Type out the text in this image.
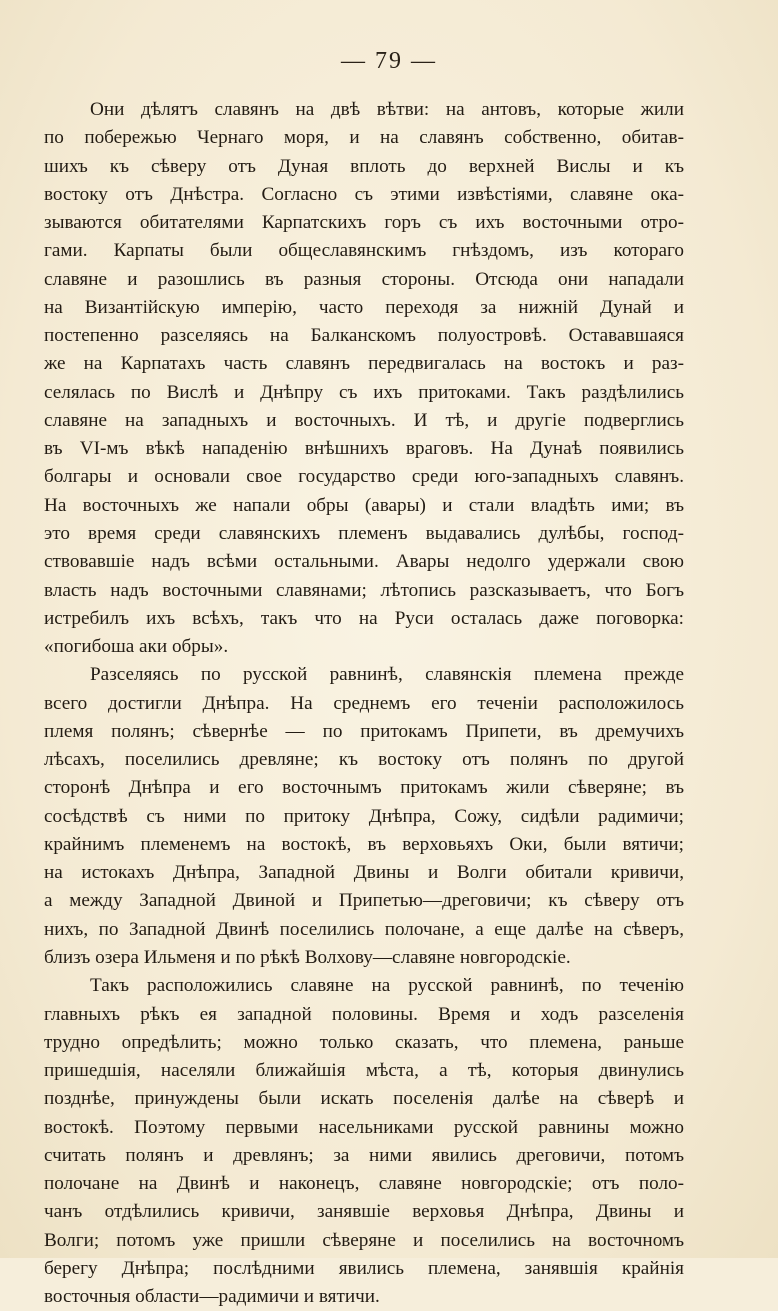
— 79 —
Они дѣлятъ славянъ на двѣ вѣтви: на антовъ, которые жили
по побережью Чернаго моря, и на славянъ собственно, обитав-
шихъ къ сѣверу отъ Дуная вплоть до верхней Вислы и къ
востоку отъ Днѣстра. Согласно съ этими извѣстіями, славяне ока-
зываются обитателями Карпатскихъ горъ съ ихъ восточными отро-
гами. Карпаты были общеславянскимъ гнѣздомъ, изъ котораго
славяне и разошлись въ разныя стороны. Отсюда они нападали
на Византійскую имперію, часто переходя за нижній Дунай и
постепенно разселяясь на Балканскомъ полуостровѣ. Остававшаяся
же на Карпатахъ часть славянъ передвигалась на востокъ и раз-
селялась по Вислѣ и Днѣпру съ ихъ притоками. Такъ раздѣлились
славяне на западныхъ и восточныхъ. И тѣ, и другіе подверглись
въ VI-мъ вѣкѣ нападенію внѣшнихъ враговъ. На Дунаѣ появились
болгары и основали свое государство среди юго-западныхъ славянъ.
На восточныхъ же напали обры (авары) и стали владѣть ими; въ
это время среди славянскихъ племенъ выдавались дулѣбы, господ-
ствовавшіе надъ всѣми остальными. Авары недолго удержали свою
власть надъ восточными славянами; лѣтопись разсказываетъ, что Богъ
истребилъ ихъ всѣхъ, такъ что на Руси осталась даже поговорка:
«погибоша аки обры».
Разселяясь по русской равнинѣ, славянскія племена прежде
всего достигли Днѣпра. На среднемъ его теченіи расположилось
племя полянъ; сѣвернѣе — по притокамъ Припети, въ дремучихъ
лѣсахъ, поселились древляне; къ востоку отъ полянъ по другой
сторонѣ Днѣпра и его восточнымъ притокамъ жили сѣверяне; въ
сосѣдствѣ съ ними по притоку Днѣпра, Сожу, сидѣли радимичи;
крайнимъ племенемъ на востокѣ, въ верховьяхъ Оки, были вятичи;
на истокахъ Днѣпра, Западной Двины и Волги обитали кривичи,
а между Западной Двиной и Припетью—дреговичи; къ сѣверу отъ
нихъ, по Западной Двинѣ поселились полочане, а еще далѣе на сѣверъ,
близъ озера Ильменя и по рѣкѣ Волхову—славяне новгородскіе.
Такъ расположились славяне на русской равнинѣ, по теченію
главныхъ рѣкъ ея западной половины. Время и ходъ разселенія
трудно опредѣлить; можно только сказать, что племена, раньше
пришедшія, населяли ближайшія мѣста, а тѣ, которыя двинулись
позднѣе, принуждены были искать поселенія далѣе на сѣверѣ и
востокѣ. Поэтому первыми насельниками русской равнины можно
считать полянъ и древлянъ; за ними явились дреговичи, потомъ
полочане на Двинѣ и наконецъ, славяне новгородскіе; отъ поло-
чанъ отдѣлились кривичи, занявшіе верховья Днѣпра, Двины и
Волги; потомъ уже пришли сѣверяне и поселились на восточномъ
берегу Днѣпра; послѣдними явились племена, занявшія крайнія
восточныя области—радимичи и вятичи.
